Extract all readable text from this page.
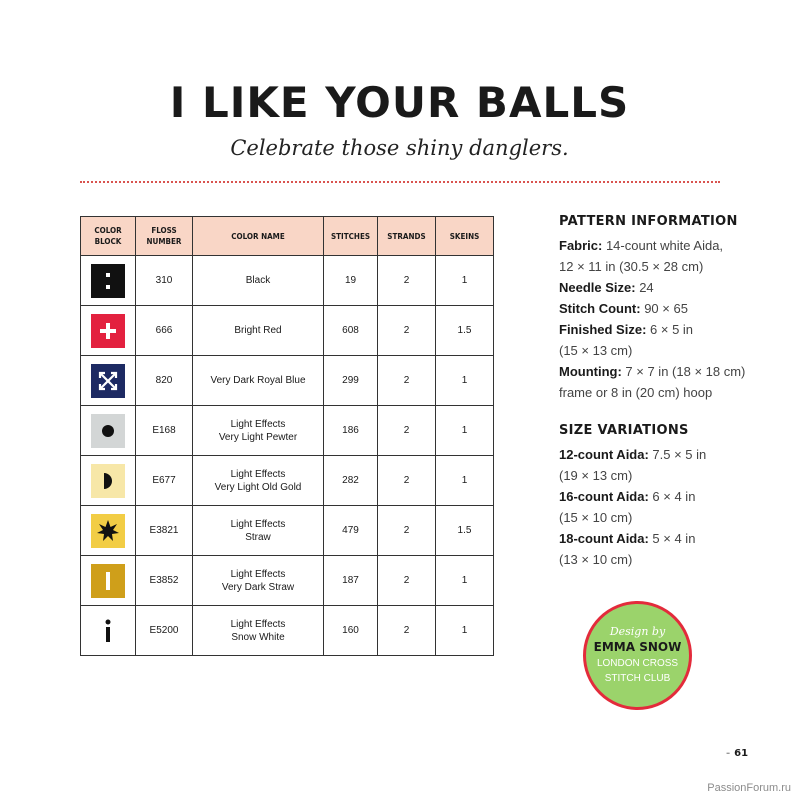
I LIKE YOUR BALLS
Celebrate those shiny danglers.
COLOR BLOCK	FLOSS NUMBER	COLOR NAME	STITCHES	STRANDS	SKEINS

	310	Black	19	2	1

	666	Bright Red	608	2	1.5

	820	Very Dark Royal Blue	299	2	1

	E168	Light Effects
Very Light Pewter	186	2	1

	E677	Light Effects
Very Light Old Gold	282	2	1

	E3821	Light Effects
Straw	479	2	1.5

	E3852	Light Effects
Very Dark Straw	187	2	1

	E5200	Light Effects
Snow White	160	2	1
PATTERN INFORMATION

Fabric: 14-count white Aida,

12 × 11 in (30.5 × 28 cm)

Needle Size: 24

Stitch Count: 90 × 65

Finished Size: 6 × 5 in

(15 × 13 cm)

Mounting: 7 × 7 in (18 × 18 cm)

frame or 8 in (20 cm) hoop

SIZE VARIATIONS

12-count Aida: 7.5 × 5 in

(19 × 13 cm)

16-count Aida: 6 × 4 in

(15 × 10 cm)

18-count Aida: 5 × 4 in

(13 × 10 cm)

Design by
EMMA SNOW
LONDON CROSS
STITCH CLUB
- 61
PassionForum.ru
